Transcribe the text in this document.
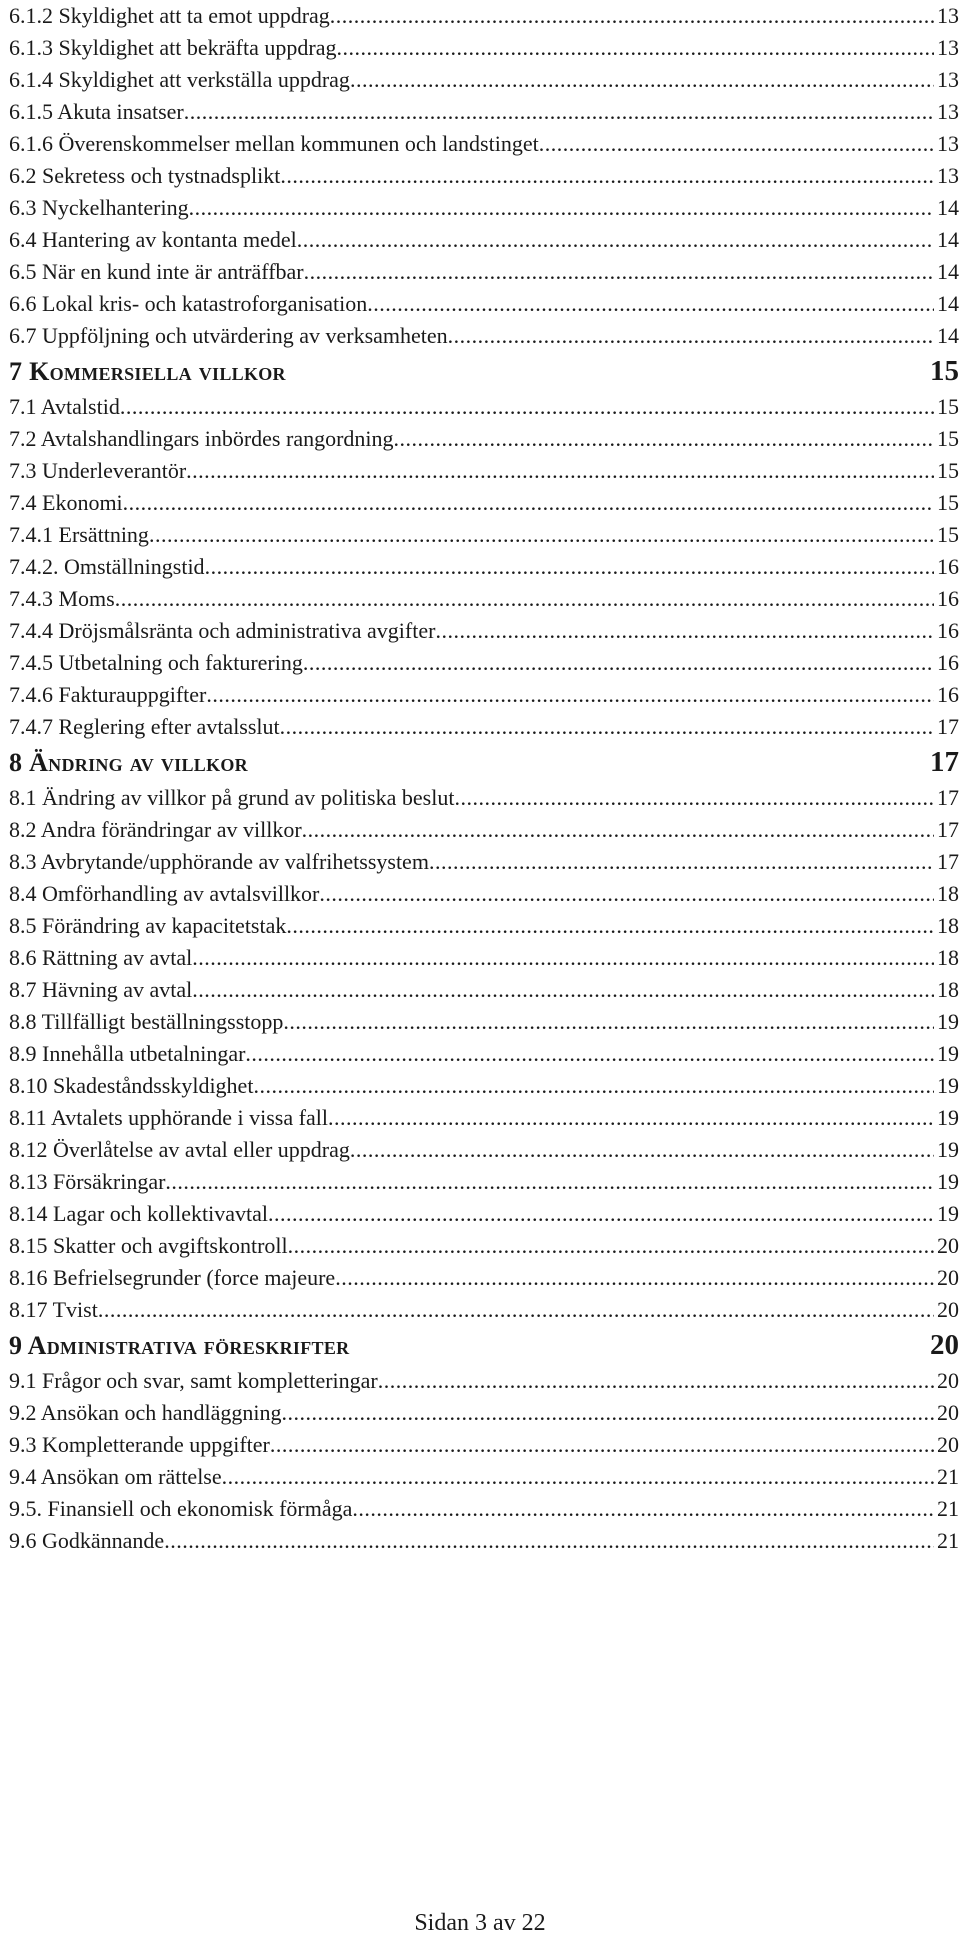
6.1.2 Skyldighet att ta emot uppdrag .....	13
6.1.3 Skyldighet att bekräfta uppdrag .....	13
6.1.4 Skyldighet att verkställa uppdrag .....	13
6.1.5 Akuta insatser .....	13
6.1.6 Överenskommelser mellan kommunen och landstinget .....	13
6.2 Sekretess och tystnadsplikt .....	13
6.3 Nyckelhantering .....	14
6.4 Hantering av kontanta medel .....	14
6.5 När en kund inte är anträffbar .....	14
6.6 Lokal kris- och katastroforganisation .....	14
6.7 Uppföljning och utvärdering av verksamheten .....	14
7 Kommersiella villkor	15
7.1 Avtalstid .....	15
7.2 Avtalshandlingars inbördes rangordning .....	15
7.3 Underleverantör .....	15
7.4 Ekonomi .....	15
7.4.1 Ersättning .....	15
7.4.2. Omställningstid .....	16
7.4.3 Moms .....	16
7.4.4 Dröjsmålsränta och administrativa avgifter .....	16
7.4.5 Utbetalning och fakturering .....	16
7.4.6 Fakturauppgifter .....	16
7.4.7 Reglering efter avtalsslut .....	17
8 Ändring av villkor	17
8.1 Ändring av villkor på grund av politiska beslut .....	17
8.2 Andra förändringar av villkor .....	17
8.3 Avbrytande/upphörande av valfrihetssystem .....	17
8.4 Omförhandling av avtalsvillkor .....	18
8.5 Förändring av kapacitetstak .....	18
8.6 Rättning av avtal .....	18
8.7 Hävning av avtal .....	18
8.8 Tillfälligt beställningsstopp .....	19
8.9 Innehålla utbetalningar .....	19
8.10 Skadeståndsskyldighet .....	19
8.11 Avtalets upphörande i vissa fall .....	19
8.12 Överlåtelse av avtal eller uppdrag .....	19
8.13 Försäkringar .....	19
8.14 Lagar och kollektivavtal .....	19
8.15 Skatter och avgiftskontroll .....	20
8.16 Befrielsegrunder (force majeure .....	20
8.17 Tvist .....	20
9 Administrativa föreskrifter	20
9.1 Frågor och svar, samt kompletteringar .....	20
9.2 Ansökan och handläggning .....	20
9.3 Kompletterande uppgifter .....	20
9.4 Ansökan om rättelse .....	21
9.5. Finansiell och ekonomisk förmåga .....	21
9.6 Godkännande .....	21
Sidan 3 av 22
